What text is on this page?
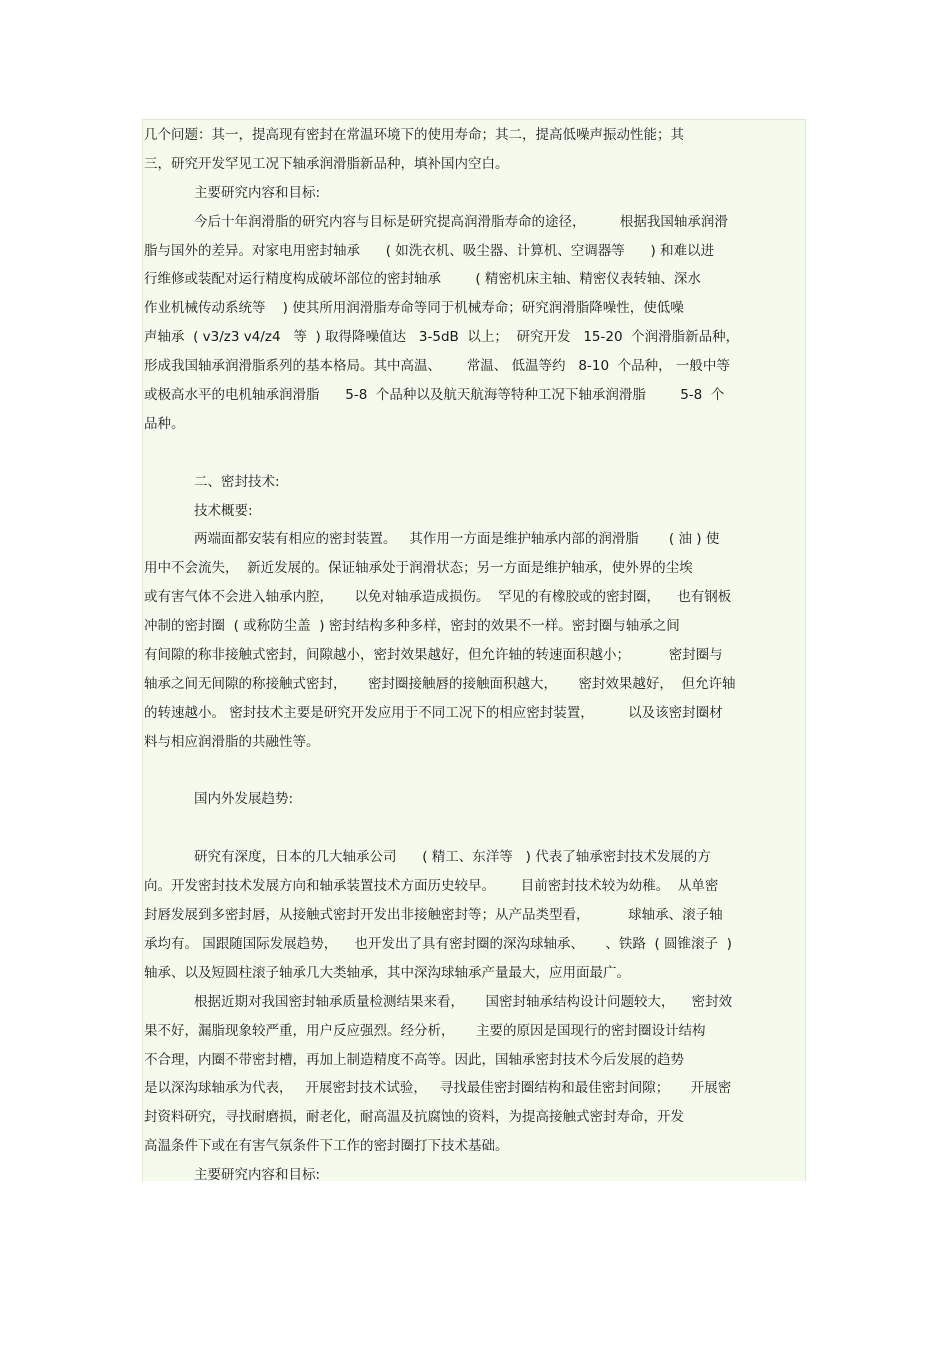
几个问题：其一，提高现有密封在常温环境下的使用寿命；其二，提高低噪声振动性能；其
三，研究开发罕见工况下轴承润滑脂新品种，填补国内空白。
主要研究内容和目标:
今后十年润滑脂的研究内容与目标是研究提高润滑脂寿命的途径，        根据我国轴承润滑
脂与国外的差异。对家电用密封轴承      ( 如洗衣机、吸尘器、计算机、空调器等      ) 和难以进
行维修或装配对运行精度构成破坏部位的密封轴承        ( 精密机床主轴、精密仪表转轴、深水
作业机械传动系统等    ) 使其所用润滑脂寿命等同于机械寿命；研究润滑脂降噪性，使低噪
声轴承  ( v3/z3 v4/z4   等  ) 取得降噪值达   3-5dB  以上；  研究开发   15-20  个润滑脂新品种，
形成我国轴承润滑脂系列的基本格局。其中高温、      常温、 低温等约   8-10  个品种， 一般中等
或极高水平的电机轴承润滑脂      5-8  个品种以及航天航海等特种工况下轴承润滑脂        5-8  个
品种。
二、密封技术:
技术概要:
两端面都安装有相应的密封装置。   其作用一方面是维护轴承内部的润滑脂       ( 油 ) 使
用中不会流失，  新近发展的。保证轴承处于润滑状态；另一方面是维护轴承，使外界的尘埃
或有害气体不会进入轴承内腔，     以免对轴承造成损伤。  罕见的有橡胶或的密封圈，    也有钢板
冲制的密封圈  ( 或称防尘盖  ) 密封结构多种多样，密封的效果不一样。密封圈与轴承之间
有间隙的称非接触式密封，间隙越小，密封效果越好，但允许轴的转速面积越小；         密封圈与
轴承之间无间隙的称接触式密封，     密封圈接触唇的接触面积越大，     密封效果越好，  但允许轴
的转速越小。 密封技术主要是研究开发应用于不同工况下的相应密封装置，        以及该密封圈材
料与相应润滑脂的共融性等。
国内外发展趋势:
研究有深度，日本的几大轴承公司      ( 精工、东洋等   ) 代表了轴承密封技术发展的方
向。开发密封技术发展方向和轴承装置技术方面历史较早。      目前密封技术较为幼稚。  从单密
封唇发展到多密封唇，从接触式密封开发出非接触密封等；从产品类型看，         球轴承、滚子轴
承均有。 国跟随国际发展趋势，    也开发出了具有密封圈的深沟球轴承、     、铁路  ( 圆锥滚子  )
轴承、以及短圆柱滚子轴承几大类轴承，其中深沟球轴承产量最大，应用面最广。
根据近期对我国密封轴承质量检测结果来看，     国密封轴承结构设计问题较大，    密封效
果不好，漏脂现象较严重，用户反应强烈。经分析，     主要的原因是国现行的密封圈设计结构
不合理，内圈不带密封槽，再加上制造精度不高等。因此，国轴承密封技术今后发展的趋势
是以深沟球轴承为代表，   开展密封技术试验，   寻找最佳密封圈结构和最佳密封间隙；     开展密
封资料研究，寻找耐磨损，耐老化，耐高温及抗腐蚀的资料，为提高接触式密封寿命，开发
高温条件下或在有害气氛条件下工作的密封圈打下技术基础。
主要研究内容和目标:
